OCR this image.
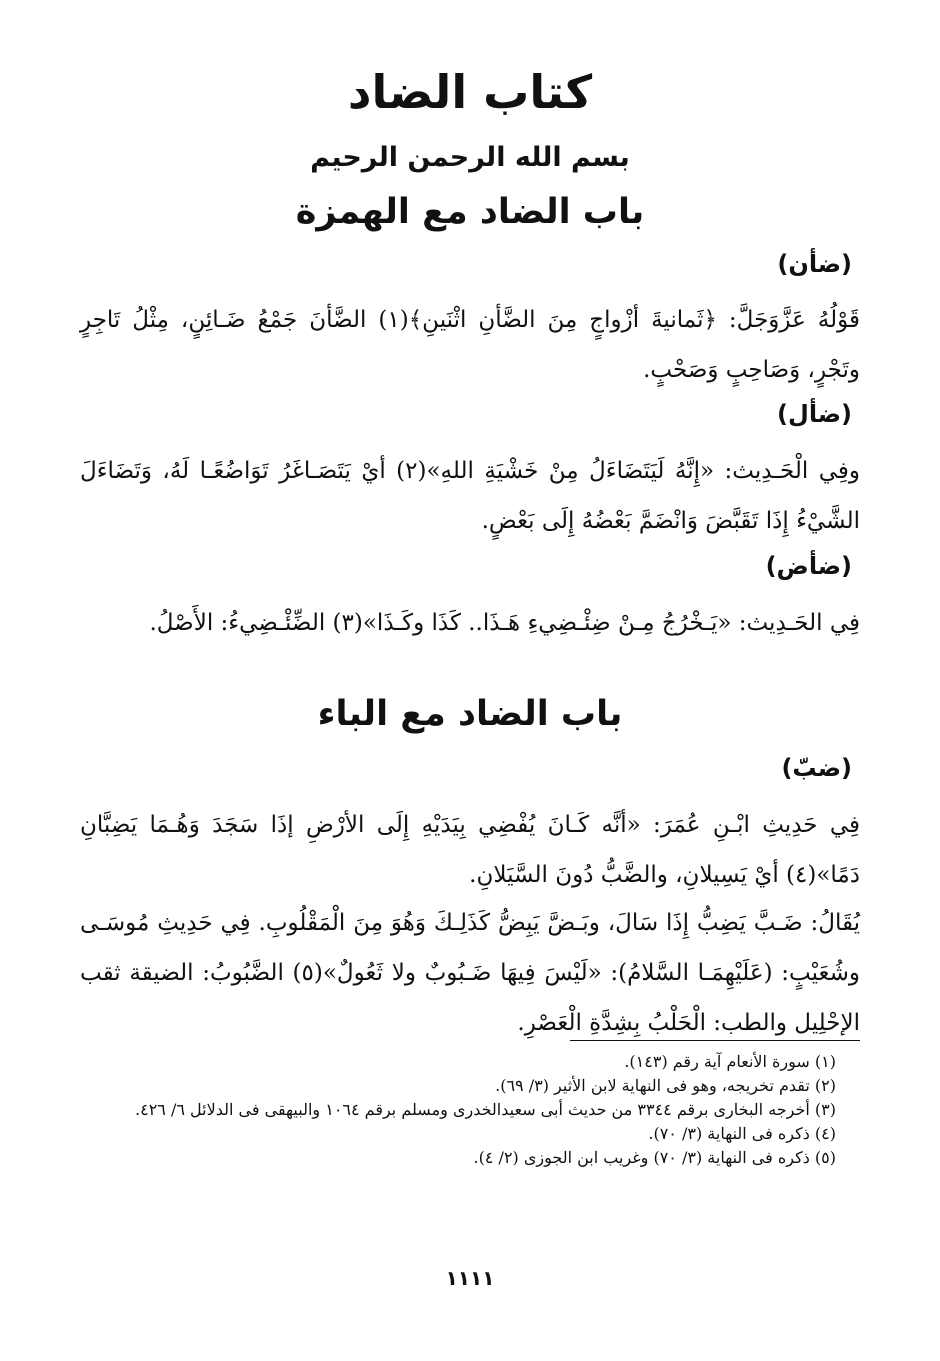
كتاب الضاد
بسم الله الرحمن الرحيم
باب الضاد مع الهمزة
(ضأن)
قَوْلُهُ عَزَّوَجَلَّ: ﴿ثَمانيةَ أزْواجٍ مِنَ الضَّأنِ اثْنَينِ﴾(١) الضَّأنَ جَمْعُ ضَـائِنٍ، مِثْلُ تَاجِرٍ وتَجْرٍ، وَصَاحِبٍ وَصَحْبٍ.
(ضأل)
وفِي الْحَـدِيث: «إِنَّهُ لَيَتَضَاءَلُ مِنْ خَشْيَةِ اللهِ»(٢) أيْ يَتَصَـاغَرُ تَوَاضُعًـا لَهُ، وَتَضَاءَلَ الشَّيْءُ إِذَا تَقَبَّضَ وَانْضَمَّ بَعْضُهُ إِلَى بَعْضٍ.
(ضأض)
فِي الحَـدِيث: «يَـخْرُجُ مِـنْ ضِئْـضِيءِ هَـذَا.. كَذَا وكَـذَا»(٣) الضِّئْـضِيءُ: الأَصْلُ.
باب الضاد مع الباء
(ضبّ)
فِي حَدِيثِ ابْـنِ عُمَرَ: «أنَّه كَـانَ يُفْضِي بِيَدَيْهِ إِلَى الأرْضِ إذَا سَجَدَ وَهُـمَا يَضِبَّانِ دَمًا»(٤) أيْ يَسِيلانِ، والضَّبُّ دُونَ السَّيَلانِ.
يُقَالُ: ضَـبَّ يَضِبُّ إِذَا سَالَ، وبَـضَّ يَبِضُّ كَذَلِـكَ وَهُوَ مِنَ الْمَقْلُوبِ. فِي حَدِيثِ مُوسَـى وشُعَيْبٍ: (عَلَيْهِمَـا السَّلامُ): «لَيْسَ فِيهَا ضَـبُوبٌ ولا ثَعُولٌ»(٥) الضَّبُوبُ: الضيقة ثقب الإحْلِيل والطب: الْحَلْبُ بِشِدَّةِ الْعَصْرِ.

(١) سورة الأنعام آية رقم (١٤٣).

(٢) تقدم تخريجه، وهو فى النهاية لابن الأثير (٣/ ٦٩).

(٣) أخرجه البخارى برقم ٣٣٤٤ من حديث أبى سعيدالخدرى ومسلم برقم ١٠٦٤ والبيهقى فى الدلائل ٦/ ٤٢٦.

(٤) ذكره فى النهاية (٣/ ٧٠).

(٥) ذكره فى النهاية (٣/ ٧٠) وغريب ابن الجوزى (٢/ ٤).

١١١١
